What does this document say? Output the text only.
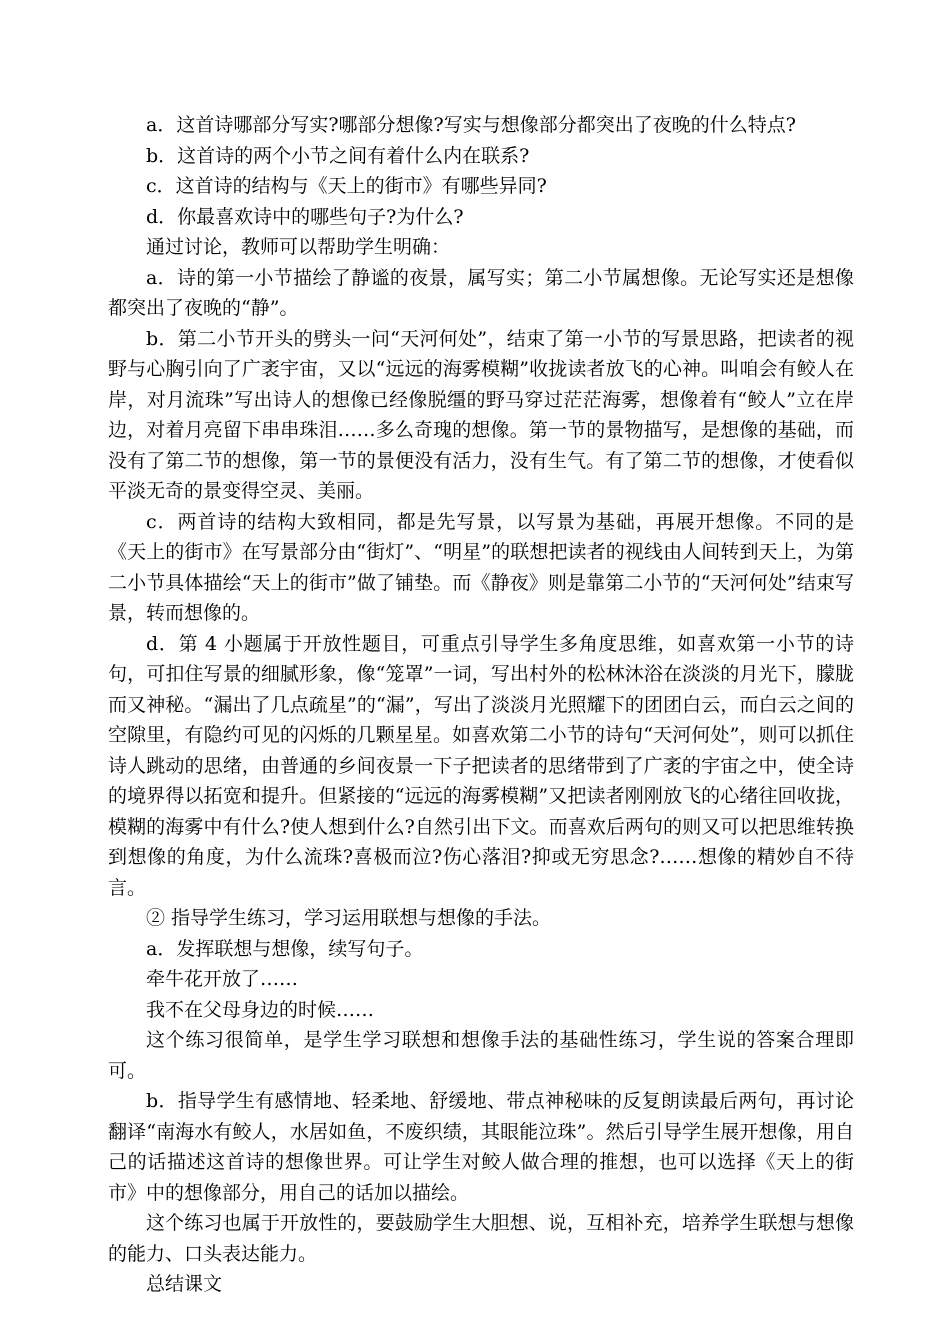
a．这首诗哪部分写实?哪部分想像?写实与想像部分都突出了夜晚的什么特点?

b．这首诗的两个小节之间有着什么内在联系?

c．这首诗的结构与《天上的街市》有哪些异同?

d．你最喜欢诗中的哪些句子?为什么?

通过讨论，教师可以帮助学生明确：

a．诗的第一小节描绘了静谧的夜景，属写实；第二小节属想像。无论写实还是想像都突出了夜晚的“静”。

b．第二小节开头的劈头一问“天河何处”，结束了第一小节的写景思路，把读者的视野与心胸引向了广袤宇宙，又以“远远的海雾模糊”收拢读者放飞的心神。叫咱会有鲛人在岸，对月流珠”写出诗人的想像已经像脱缰的野马穿过茫茫海雾，想像着有“鲛人”立在岸边，对着月亮留下串串珠泪……多么奇瑰的想像。第一节的景物描写，是想像的基础，而没有了第二节的想像，第一节的景便没有活力，没有生气。有了第二节的想像，才使看似平淡无奇的景变得空灵、美丽。

c．两首诗的结构大致相同，都是先写景，以写景为基础，再展开想像。不同的是《天上的街市》在写景部分由“街灯”、“明星”的联想把读者的视线由人间转到天上，为第二小节具体描绘“天上的街市”做了铺垫。而《静夜》则是靠第二小节的“天河何处”结束写景，转而想像的。

d．第 4 小题属于开放性题目，可重点引导学生多角度思维，如喜欢第一小节的诗句，可扣住写景的细腻形象，像“笼罩”一词，写出村外的松林沐浴在淡淡的月光下，朦胧而又神秘。“漏出了几点疏星”的“漏”，写出了淡淡月光照耀下的团团白云，而白云之间的空隙里，有隐约可见的闪烁的几颗星星。如喜欢第二小节的诗句“天河何处”，则可以抓住诗人跳动的思绪，由普通的乡间夜景一下子把读者的思绪带到了广袤的宇宙之中，使全诗的境界得以拓宽和提升。但紧接的“远远的海雾模糊”又把读者刚刚放飞的心绪往回收拢，模糊的海雾中有什么?使人想到什么?自然引出下文。而喜欢后两句的则又可以把思维转换到想像的角度，为什么流珠?喜极而泣?伤心落泪?抑或无穷思念?……想像的精妙自不待言。

② 指导学生练习，学习运用联想与想像的手法。

a．发挥联想与想像，续写句子。

牵牛花开放了……

我不在父母身边的时候……

这个练习很简单，是学生学习联想和想像手法的基础性练习，学生说的答案合理即可。

b．指导学生有感情地、轻柔地、舒缓地、带点神秘味的反复朗读最后两句，再讨论翻译“南海水有鲛人，水居如鱼，不废织绩，其眼能泣珠”。然后引导学生展开想像，用自己的话描述这首诗的想像世界。可让学生对鲛人做合理的推想，也可以选择《天上的街市》中的想像部分，用自己的话加以描绘。

这个练习也属于开放性的，要鼓励学生大胆想、说，互相补充，培养学生联想与想像的能力、口头表达能力。

总结课文
